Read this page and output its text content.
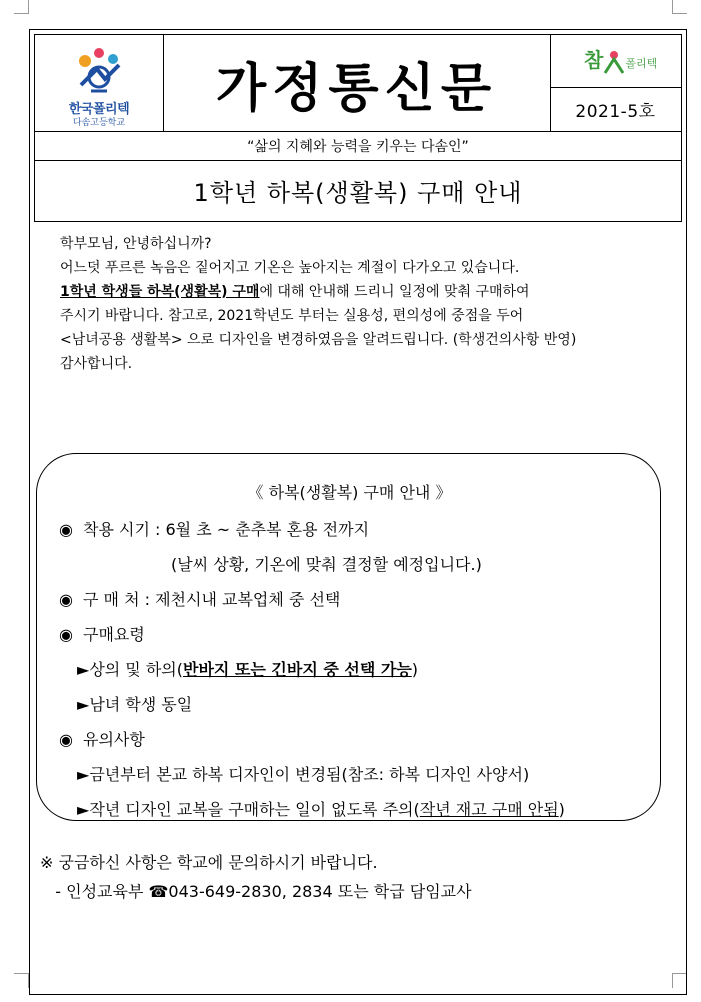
한국폴리텍
다솜고등학교
가정통신문	참 폴리텍
2021-5호
“삶의 지혜와 능력을 키우는 다솜인”
1학년 하복(생활복) 구매 안내

학부모님, 안녕하십니까?

어느덧 푸르른 녹음은 짙어지고 기온은 높아지는 계절이 다가오고 있습니다.

1학년 학생들 하복(생활복) 구매에 대해 안내해 드리니 일정에 맞춰 구매하여

주시기 바랍니다. 참고로, 2021학년도 부터는 실용성, 편의성에 중점을 두어

<남녀공용 생활복> 으로 디자인을 변경하였음을 알려드립니다. (학생건의사항 반영)

감사합니다.

《 하복(생활복) 구매 안내 》
◉ 착용 시기 : 6월 초 ~ 춘추복 혼용 전까지
(날씨 상황, 기온에 맞춰 결정할 예정입니다.)
◉ 구 매 처 : 제천시내 교복업체 중 선택
◉ 구매요령
►상의 및 하의(반바지 또는 긴바지 중 선택 가능)
►남녀 학생 동일
◉ 유의사항
►금년부터 본교 하복 디자인이 변경됨(참조: 하복 디자인 사양서)
►작년 디자인 교복을 구매하는 일이 없도록 주의(작년 재고 구매 안됨)
※ 궁금하신 사항은 학교에 문의하시기 바랍니다.
- 인성교육부 ☎043-649-2830, 2834 또는 학급 담임교사
